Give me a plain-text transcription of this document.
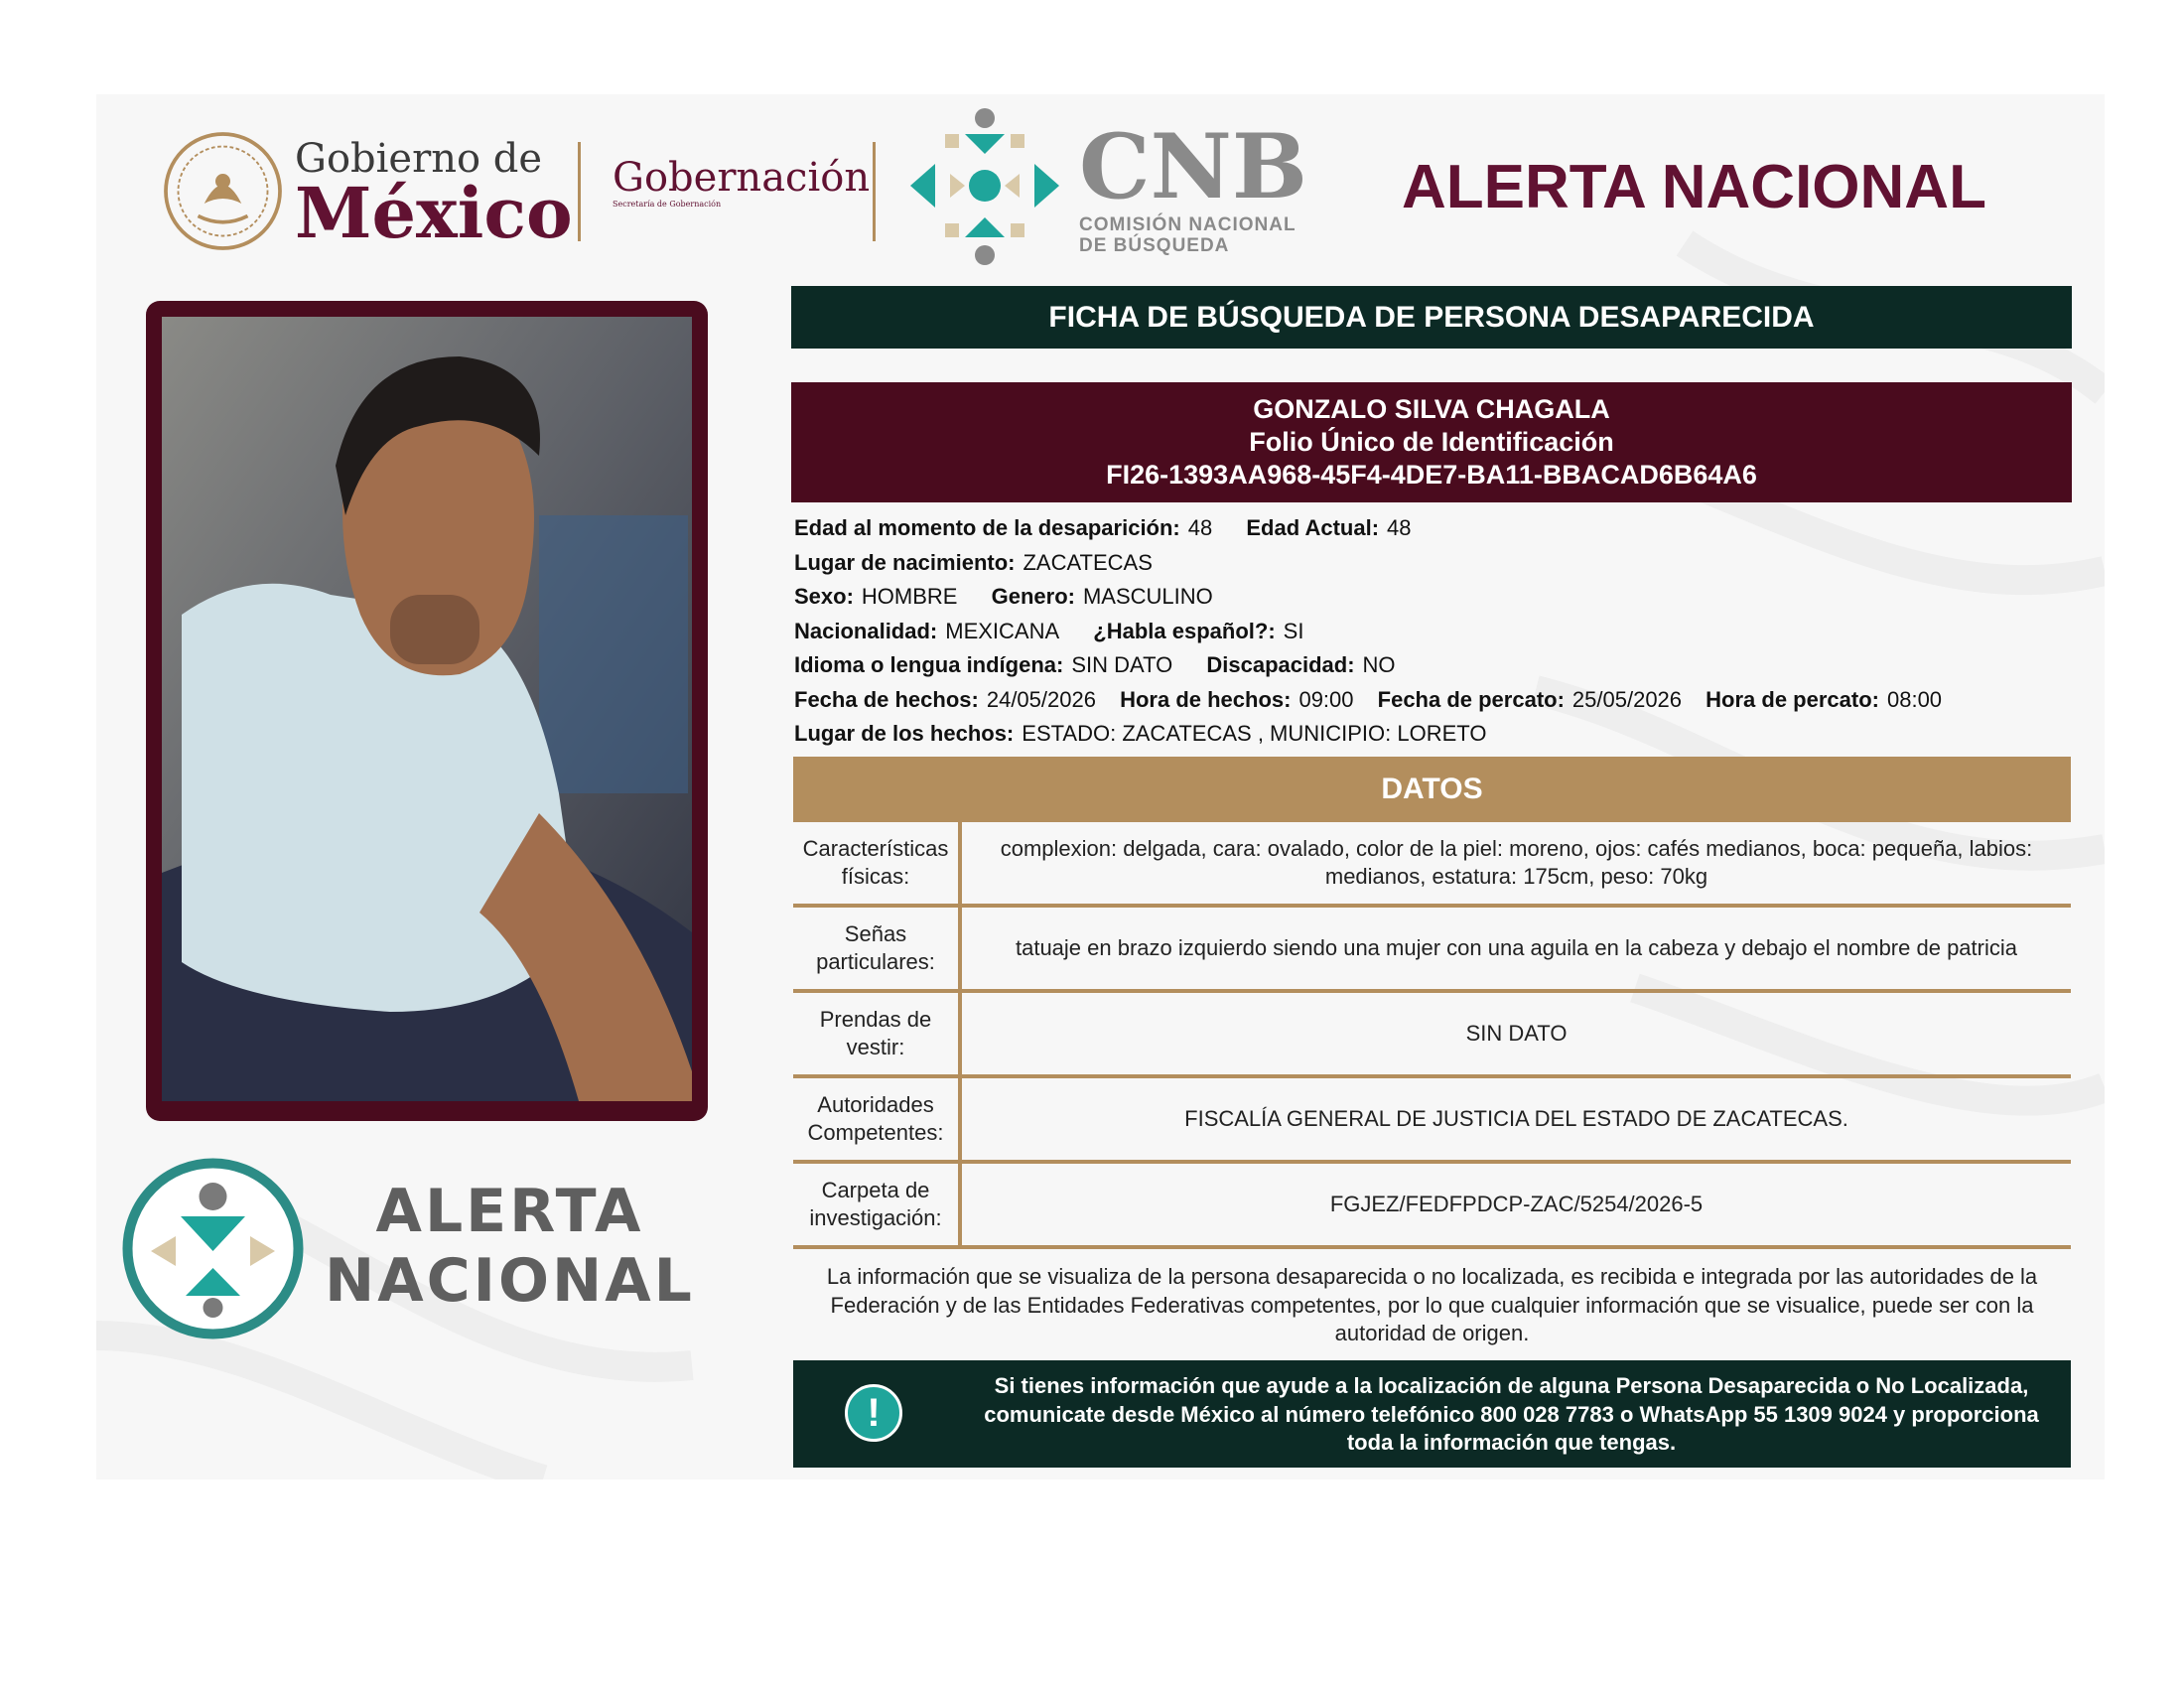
Gobierno de
México Gobernación
Secretaría de Gobernación	CNB
COMISIÓN NACIONAL
DE BÚSQUEDA
ALERTA NACIONAL
ALERTA
NACIONAL
FICHA DE BÚSQUEDA DE PERSONA DESAPARECIDA
GONZALO SILVA CHAGALA
Folio Único de Identificación
FI26-1393AA968-45F4-4DE7-BA11-BBACAD6B64A6
Edad al momento de la desaparición: 48 Edad Actual: 48
Lugar de nacimiento: ZACATECAS
Sexo: HOMBRE Genero: MASCULINO
Nacionalidad: MEXICANA ¿Habla español?: SI
Idioma o lengua indígena: SIN DATO Discapacidad: NO
Fecha de hechos: 24/05/2026 Hora de hechos: 09:00 Fecha de percato: 25/05/2026 Hora de percato: 08:00
Lugar de los hechos: ESTADO: ZACATECAS , MUNICIPIO: LORETO
DATOS
Características físicas:
complexion: delgada, cara: ovalado, color de la piel: moreno, ojos: cafés medianos, boca: pequeña, labios: medianos, estatura: 175cm, peso: 70kg
Señas particulares:
tatuaje en brazo izquierdo siendo una mujer con una aguila en la cabeza y debajo el nombre de patricia
Prendas de vestir:
SIN DATO
Autoridades Competentes:
FISCALÍA GENERAL DE JUSTICIA DEL ESTADO DE ZACATECAS.
Carpeta de investigación:
FGJEZ/FEDFPDCP-ZAC/5254/2026-5
La información que se visualiza de la persona desaparecida o no localizada, es recibida e integrada por las autoridades de la Federación y de las Entidades Federativas competentes, por lo que cualquier información que se visualice, puede ser con la autoridad de origen.
!
Si tienes información que ayude a la localización de alguna Persona Desaparecida o No Localizada, comunicate desde México al número telefónico 800 028 7783 o WhatsApp 55 1309 9024 y proporciona toda la información que tengas.
